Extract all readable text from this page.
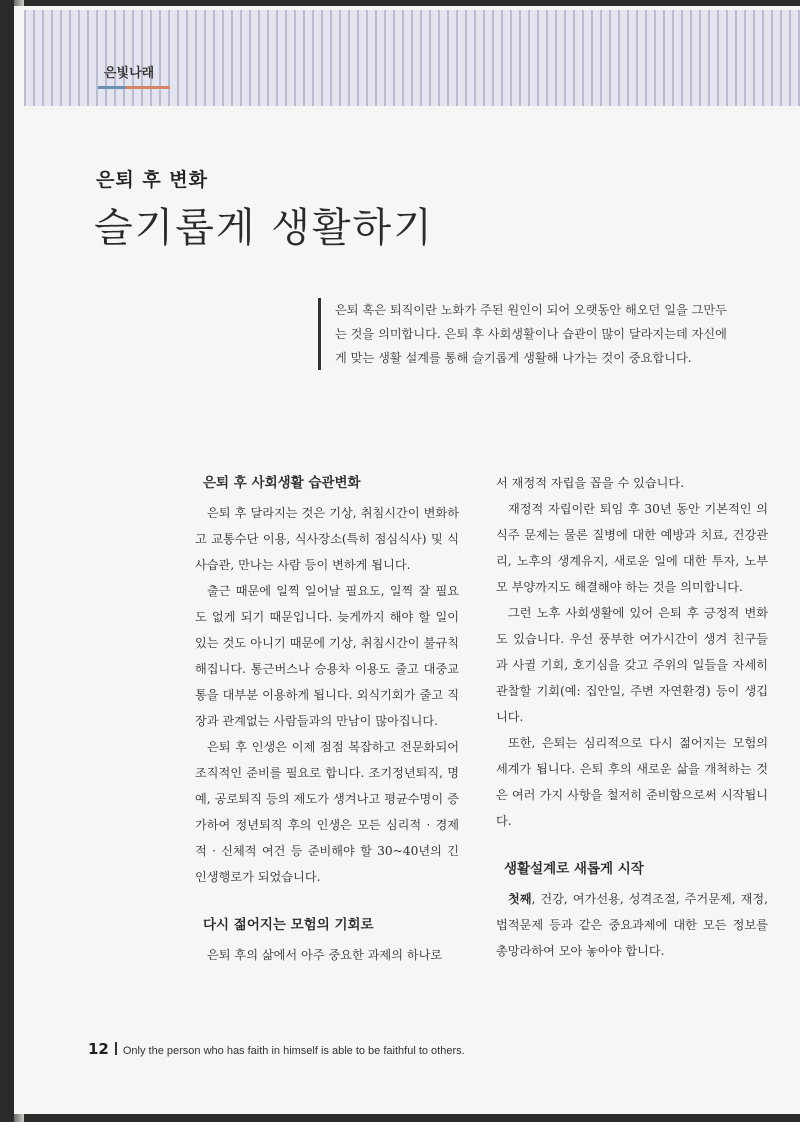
은빛나래
은퇴 후 변화
슬기롭게 생활하기

은퇴 혹은 퇴직이란 노화가 주된 원인이 되어 오랫동안 해오던 일을 그만두

는 것을 의미합니다. 은퇴 후 사회생활이나 습관이 많이 달라지는데 자신에

게 맞는 생활 설계를 통해 슬기롭게 생활해 나가는 것이 중요합니다.

은퇴 후 사회생활 습관변화

은퇴 후 달라지는 것은 기상, 취침시간이 변화하고 교통수단 이용, 식사장소(특히 점심식사) 및 식사습관, 만나는 사람 등이 변하게 됩니다.

출근 때문에 일찍 일어날 필요도, 일찍 잘 필요도 없게 되기 때문입니다. 늦게까지 해야 할 일이 있는 것도 아니기 때문에 기상, 취침시간이 불규칙해집니다. 통근버스나 승용차 이용도 줄고 대중교통을 대부분 이용하게 됩니다. 외식기회가 줄고 직장과 관계없는 사람들과의 만남이 많아집니다.

은퇴 후 인생은 이제 점점 복잡하고 전문화되어 조직적인 준비를 필요로 합니다. 조기정년퇴직, 명예, 공로퇴직 등의 제도가 생겨나고 평균수명이 증가하여 정년퇴직 후의 인생은 모든 심리적 · 경제적 · 신체적 여건 등 준비해야 할 30~40년의 긴 인생행로가 되었습니다.

다시 젊어지는 모험의 기회로

은퇴 후의 삶에서 아주 중요한 과제의 하나로

서 재정적 자립을 꼽을 수 있습니다.

재정적 자립이란 퇴임 후 30년 동안 기본적인 의식주 문제는 물론 질병에 대한 예방과 치료, 건강관리, 노후의 생계유지, 새로운 일에 대한 투자, 노부모 부양까지도 해결해야 하는 것을 의미합니다.

그런 노후 사회생활에 있어 은퇴 후 긍정적 변화도 있습니다. 우선 풍부한 여가시간이 생겨 친구들과 사귈 기회, 호기심을 갖고 주위의 일들을 자세히 관찰할 기회(예: 집안일, 주변 자연환경) 등이 생깁니다.

또한, 은퇴는 심리적으로 다시 젊어지는 모험의 세계가 됩니다. 은퇴 후의 새로운 삶을 개척하는 것은 여러 가지 사항을 철저히 준비함으로써 시작됩니다.

생활설계로 새롭게 시작

첫째, 건강, 여가선용, 성격조절, 주거문제, 재정, 법적문제 등과 같은 중요과제에 대한 모든 정보를 총망라하여 모아 놓아야 합니다.

12 Only the person who has faith in himself is able to be faithful to others.
